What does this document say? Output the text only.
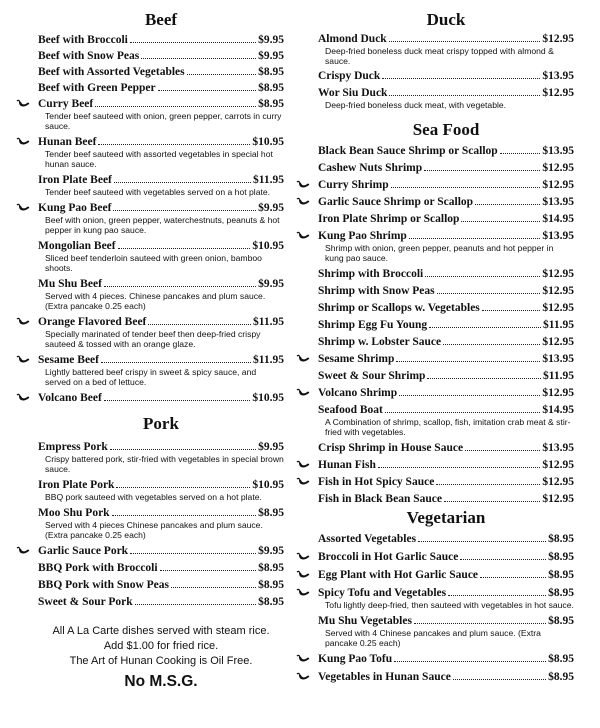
Beef
Beef with Broccoli	$9.95
Beef with Snow Peas	$9.95
Beef with Assorted Vegetables	$8.95
Beef with Green Pepper	$8.95
Curry Beef	$8.95
Tender beef sauteed with onion, green pepper, carrots in curry sauce.
Hunan Beef	$10.95
Tender beef sauteed with assorted vegetables in special hot hunan sauce.
Iron Plate Beef	$11.95
Tender beef sauteed with vegetables served on a hot plate.
Kung Pao Beef	$9.95
Beef with onion, green pepper, waterchestnuts, peanuts & hot pepper in kung pao sauce.
Mongolian Beef	$10.95
Sliced beef tenderloin sauteed with green onion, bamboo shoots.
Mu Shu Beef	$9.95
Served with 4 pieces. Chinese pancakes and plum sauce. (Extra pancake 0.25 each)
Orange Flavored Beef	$11.95
Specially marinated of tender beef then deep-fried crispy sauteed & tossed with an orange glaze.
Sesame Beef	$11.95
Lightly battered beef crispy in sweet & spicy sauce, and served on a bed of lettuce.
Volcano Beef	$10.95
Pork
Empress Pork	$9.95
Crispy battered pork, stir-fried with vegetables in special brown sauce.
Iron Plate Pork	$10.95
BBQ pork sauteed with vegetables served on a hot plate.
Moo Shu Pork	$8.95
Served with 4 pieces Chinese pancakes and plum sauce. (Extra pancake 0.25 each)
Garlic Sauce Pork	$9.95
BBQ Pork with Broccoli	$8.95
BBQ Pork with Snow Peas	$8.95
Sweet & Sour Pork	$8.95
Duck
Almond Duck	$12.95
Deep-fried boneless duck meat crispy topped with almond & sauce.
Crispy Duck	$13.95
Wor Siu Duck	$12.95
Deep-fried boneless duck meat, with vegetable.
Sea Food
Black Bean Sauce Shrimp or Scallop	$13.95
Cashew Nuts Shrimp	$12.95
Curry Shrimp	$12.95
Garlic Sauce Shrimp or Scallop	$13.95
Iron Plate Shrimp or Scallop	$14.95
Kung Pao Shrimp	$13.95
Shrimp with onion, green pepper, peanuts and hot pepper in kung pao sauce.
Shrimp with Broccoli	$12.95
Shrimp with Snow Peas	$12.95
Shrimp or Scallops w. Vegetables	$12.95
Shrimp Egg Fu Young	$11.95
Shrimp w. Lobster Sauce	$12.95
Sesame Shrimp	$13.95
Sweet & Sour Shrimp	$11.95
Volcano Shrimp	$12.95
Seafood Boat	$14.95
A Combination of shrimp, scallop, fish, imitation crab meat & stir-fried with vegetables.
Crisp Shrimp in House Sauce	$13.95
Hunan Fish	$12.95
Fish in Hot Spicy Sauce	$12.95
Fish in Black Bean Sauce	$12.95
Vegetarian
Assorted Vegetables	$8.95
Broccoli in Hot Garlic Sauce	$8.95
Egg Plant with Hot Garlic Sauce	$8.95
Spicy Tofu and Vegetables	$8.95
Tofu lightly deep-fried, then sauteed with vegetables in hot sauce.
Mu Shu Vegetables	$8.95
Served with 4 Chinese pancakes and plum sauce. (Extra pancake 0.25 each)
Kung Pao Tofu	$8.95
Vegetables in Hunan Sauce	$8.95

All A La Carte dishes served with steam rice.

Add $1.00 for fried rice.

The Art of Hunan Cooking is Oil Free.

No M.S.G.
